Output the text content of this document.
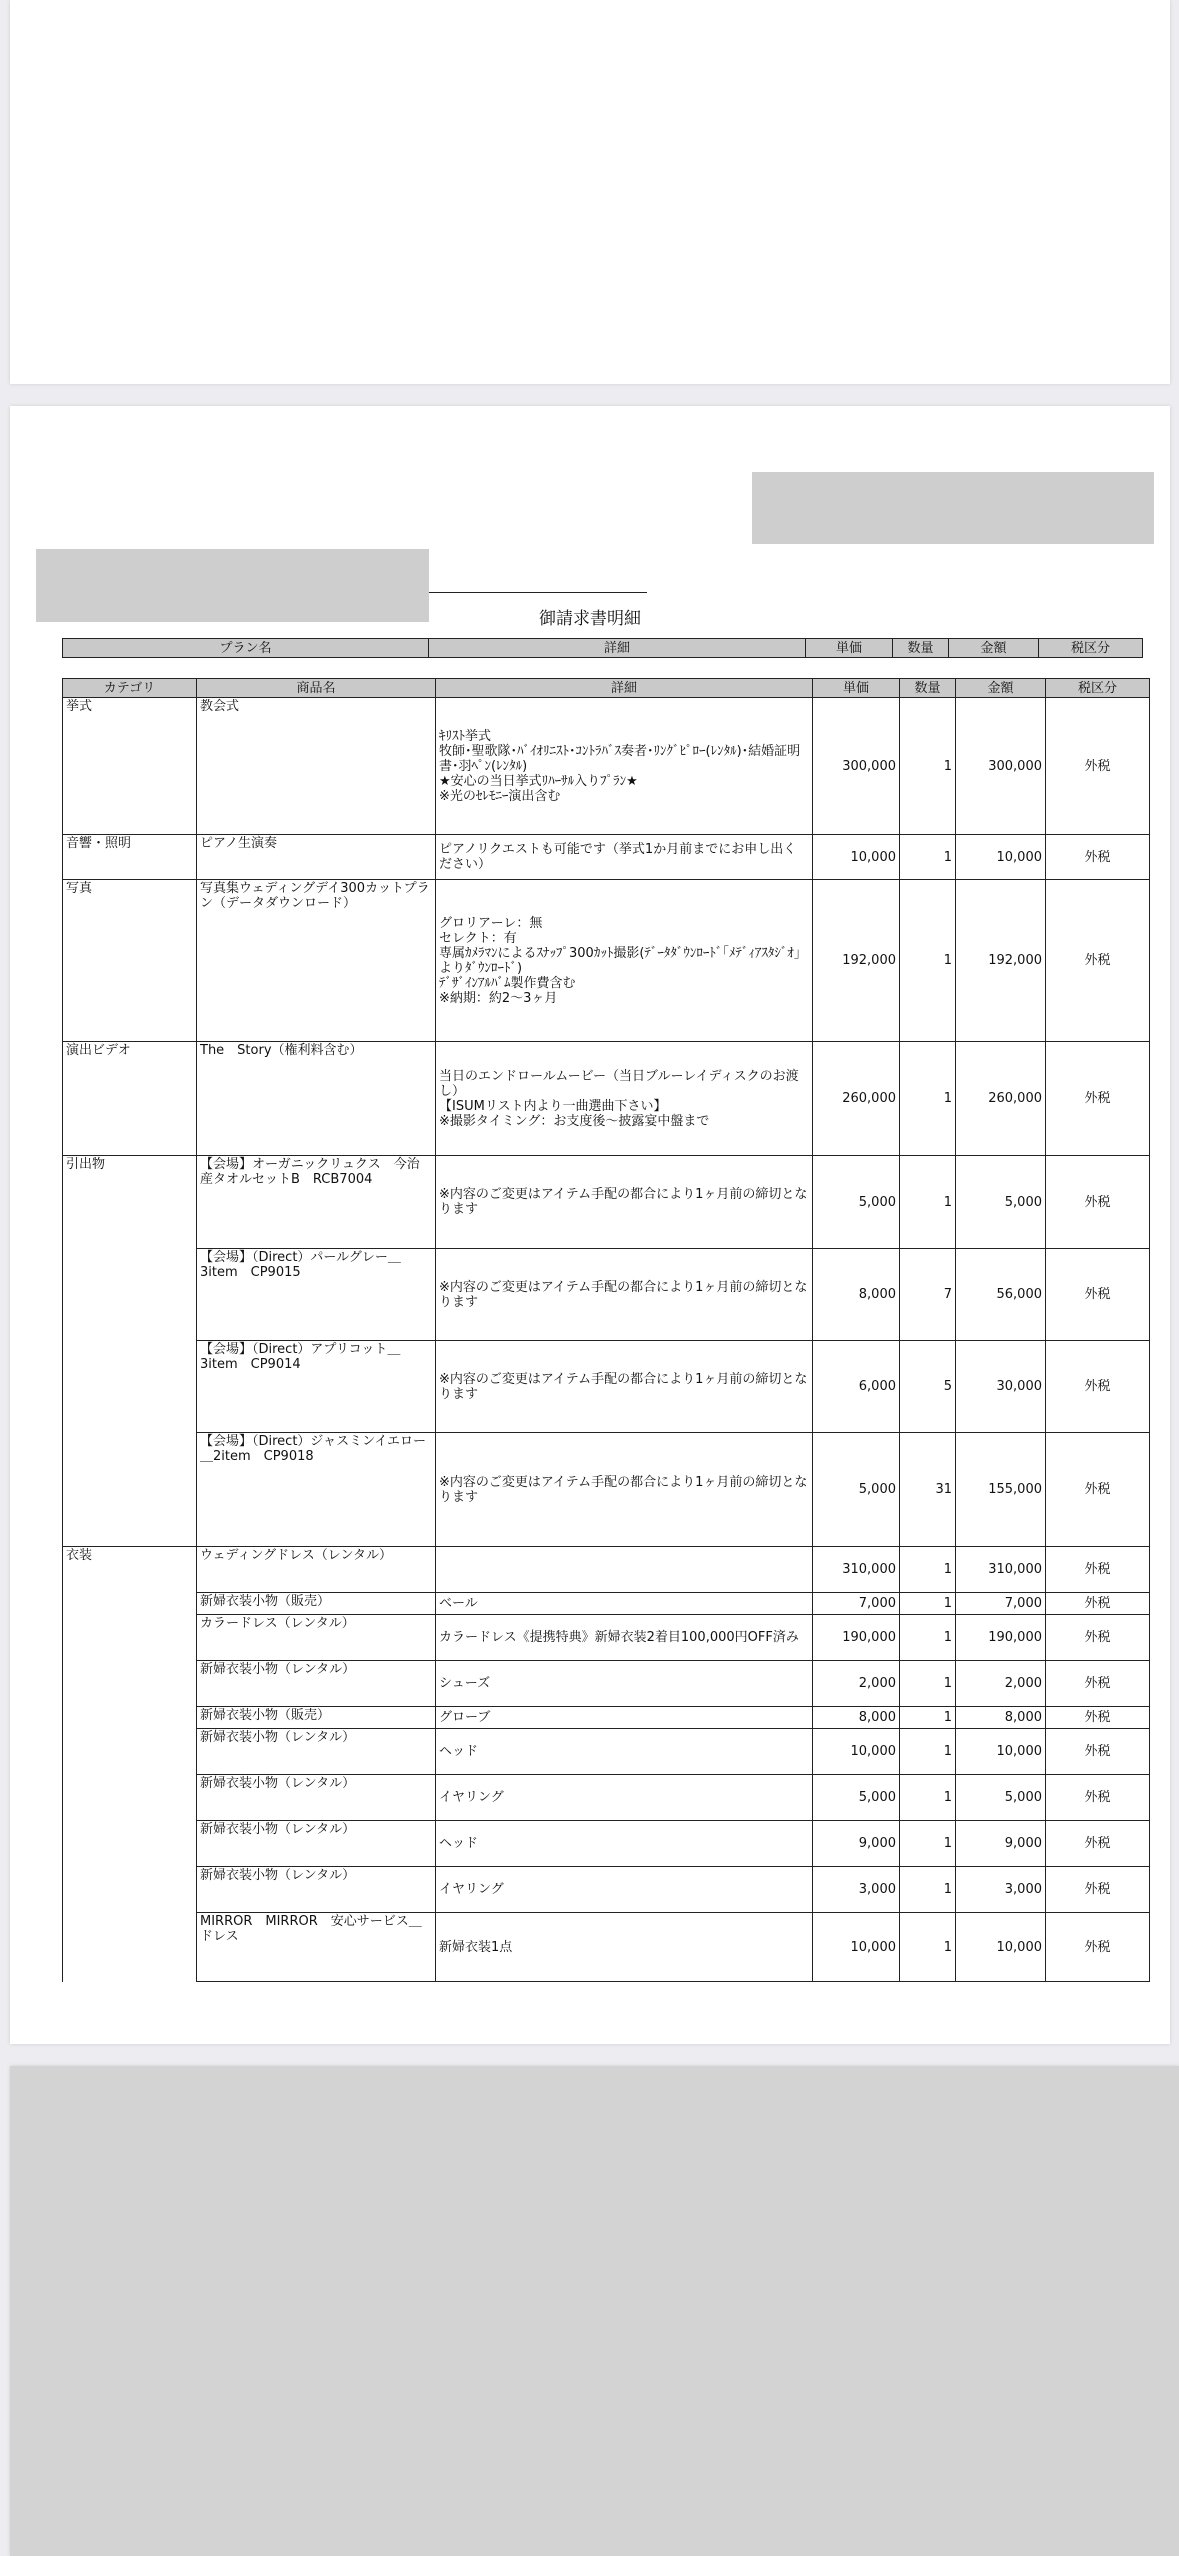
御請求書明細
プラン名	詳細	単価	数量	金額	税区分
カテゴリ	商品名	詳細	単価	数量	金額	税区分
挙式	教会式	ｷﾘｽﾄ挙式
牧師･聖歌隊･ﾊﾞｲｵﾘﾆｽﾄ･ｺﾝﾄﾗﾊﾞｽ奏者･ﾘﾝｸﾞﾋﾟﾛｰ(ﾚﾝﾀﾙ)･結婚証明書･羽ﾍﾟﾝ(ﾚﾝﾀﾙ)
★安心の当日挙式ﾘﾊｰｻﾙ入りﾌﾟﾗﾝ★
※光のｾﾚﾓﾆｰ演出含む	300,000	1	300,000	外税
音響・照明	ピアノ生演奏	ピアノリクエストも可能です（挙式1か月前までにお申し出ください）	10,000	1	10,000	外税
写真	写真集ウェディングデイ300カットプラン（データダウンロード）	グロリアーレ：無
セレクト：有
専属ｶﾒﾗﾏﾝによるｽﾅｯﾌﾟ300ｶｯﾄ撮影(ﾃﾞｰﾀﾀﾞｳﾝﾛｰﾄﾞ｢ﾒﾃﾞｨｱｽﾀｼﾞｵ｣よりﾀﾞｳﾝﾛｰﾄﾞ)
ﾃﾞｻﾞｲﾝｱﾙﾊﾞﾑ製作費含む
※納期：約2～3ヶ月	192,000	1	192,000	外税
演出ビデオ	The　Story（権利料含む）	当日のエンドロールムービー（当日ブルーレイディスクのお渡し）
【ISUMリスト内より一曲選曲下さい】
※撮影タイミング：お支度後～披露宴中盤まで	260,000	1	260,000	外税
引出物	【会場】オーガニックリュクス　今治産タオルセットB　RCB7004	※内容のご変更はアイテム手配の都合により1ヶ月前の締切となります	5,000	1	5,000	外税
	【会場】（Direct）パールグレー＿3item　CP9015	※内容のご変更はアイテム手配の都合により1ヶ月前の締切となります	8,000	7	56,000	外税
	【会場】（Direct）アプリコット＿3item　CP9014	※内容のご変更はアイテム手配の都合により1ヶ月前の締切となります	6,000	5	30,000	外税
	【会場】（Direct）ジャスミンイエロー＿2item　CP9018	※内容のご変更はアイテム手配の都合により1ヶ月前の締切となります	5,000	31	155,000	外税
衣装	ウェディングドレス（レンタル）		310,000	1	310,000	外税
	新婦衣装小物（販売）	ベール	7,000	1	7,000	外税
	カラードレス（レンタル）	カラードレス《提携特典》新婦衣装2着目100,000円OFF済み	190,000	1	190,000	外税
	新婦衣装小物（レンタル）	シューズ	2,000	1	2,000	外税
	新婦衣装小物（販売）	グローブ	8,000	1	8,000	外税
	新婦衣装小物（レンタル）	ヘッド	10,000	1	10,000	外税
	新婦衣装小物（レンタル）	イヤリング	5,000	1	5,000	外税
	新婦衣装小物（レンタル）	ヘッド	9,000	1	9,000	外税
	新婦衣装小物（レンタル）	イヤリング	3,000	1	3,000	外税
	MIRROR　MIRROR　安心サービス＿ドレス	新婦衣装1点	10,000	1	10,000	外税
